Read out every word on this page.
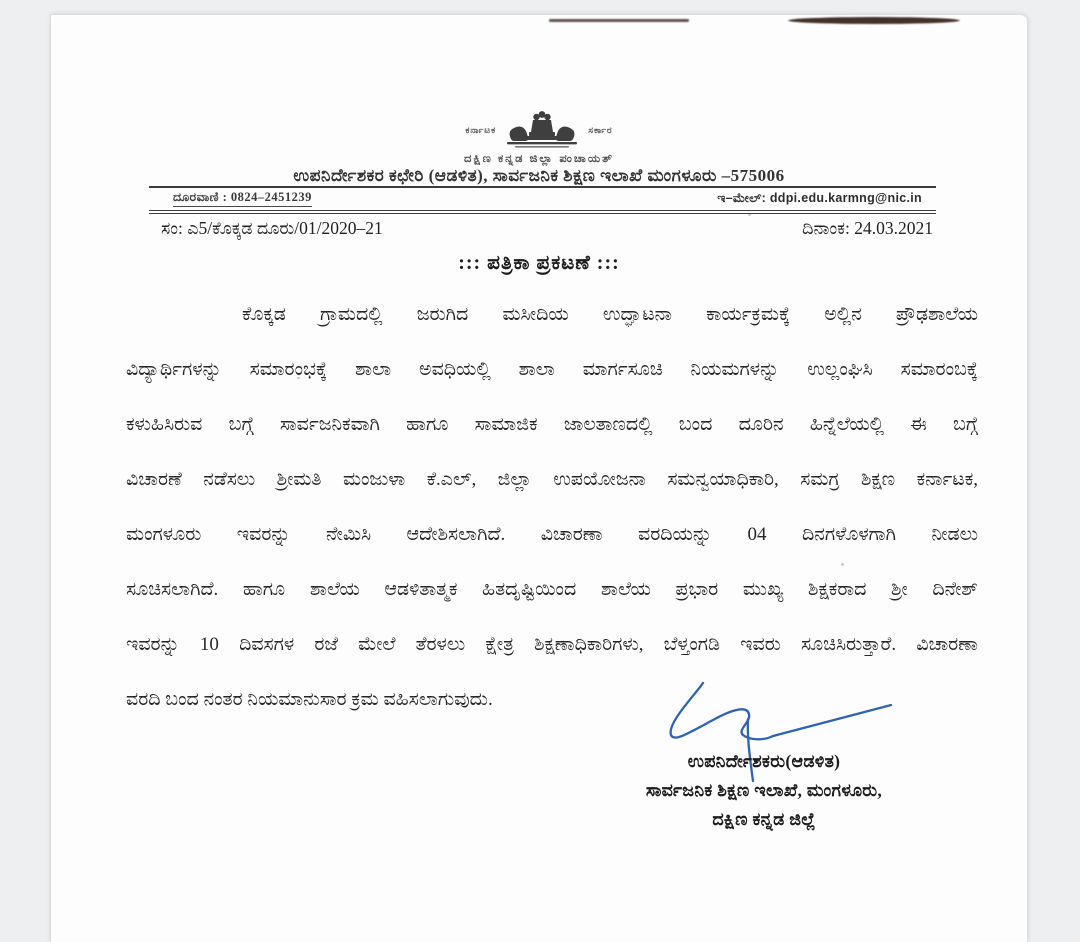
ಕರ್ನಾಟಕ	ಸರ್ಕಾರ
ದಕ್ಷಿಣ ಕನ್ನಡ ಜಿಲ್ಲಾ ಪಂಚಾಯತ್
ಉಪನಿರ್ದೇಶಕರ ಕಛೇರಿ (ಆಡಳಿತ), ಸಾರ್ವಜನಿಕ ಶಿಕ್ಷಣ ಇಲಾಖೆ ಮಂಗಳೂರು –575006
ದೂರವಾಣಿ : 0824–2451239	ಇ–ಮೇಲ್: ddpi.edu.karmng@nic.in
ಸಂ: ಎ5/ಕೊಕ್ಕಡ ದೂರು/01/2020–21	ದಿನಾಂಕ: 24.03.2021
::: ಪತ್ರಿಕಾ ಪ್ರಕಟಣೆ :::
ಕೊಕ್ಕಡ ಗ್ರಾಮದಲ್ಲಿ ಜರುಗಿದ ಮಸೀದಿಯ ಉದ್ಘಾಟನಾ ಕಾರ್ಯಕ್ರಮಕ್ಕೆ ಅಲ್ಲಿನ ಪ್ರೌಢಶಾಲೆಯ
ವಿದ್ಯಾರ್ಥಿಗಳನ್ನು ಸಮಾರಂಭಕ್ಕೆ ಶಾಲಾ ಅವಧಿಯಲ್ಲಿ ಶಾಲಾ ಮಾರ್ಗಸೂಚಿ ನಿಯಮಗಳನ್ನು ಉಲ್ಲಂಘಿಸಿ ಸಮಾರಂಬಕ್ಕೆ
ಕಳುಹಿಸಿರುವ ಬಗ್ಗೆ ಸಾರ್ವಜನಿಕವಾಗಿ ಹಾಗೂ ಸಾಮಾಜಿಕ ಜಾಲತಾಣದಲ್ಲಿ ಬಂದ ದೂರಿನ ಹಿನ್ನೆಲೆಯಲ್ಲಿ ಈ ಬಗ್ಗೆ
ವಿಚಾರಣೆ ನಡೆಸಲು ಶ್ರೀಮತಿ ಮಂಜುಳಾ ಕೆ.ಎಲ್, ಜಿಲ್ಲಾ ಉಪಯೋಜನಾ ಸಮನ್ವಯಾಧಿಕಾರಿ, ಸಮಗ್ರ ಶಿಕ್ಷಣ ಕರ್ನಾಟಕ,
ಮಂಗಳೂರು ಇವರನ್ನು ನೇಮಿಸಿ ಆದೇಶಿಸಲಾಗಿದೆ. ವಿಚಾರಣಾ ವರದಿಯನ್ನು 04 ದಿನಗಳೊಳಗಾಗಿ ನೀಡಲು
ಸೂಚಿಸಲಾಗಿದೆ. ಹಾಗೂ ಶಾಲೆಯ ಆಡಳಿತಾತ್ಮಕ ಹಿತದೃಷ್ಟಿಯಿಂದ ಶಾಲೆಯ ಪ್ರಭಾರ ಮುಖ್ಯ ಶಿಕ್ಷಕರಾದ ಶ್ರೀ ದಿನೇಶ್
ಇವರನ್ನು 10 ದಿವಸಗಳ ರಜೆ ಮೇಲೆ ತೆರಳಲು ಕ್ಷೇತ್ರ ಶಿಕ್ಷಣಾಧಿಕಾರಿಗಳು, ಬೆಳ್ತಂಗಡಿ ಇವರು ಸೂಚಿಸಿರುತ್ತಾರೆ. ವಿಚಾರಣಾ
ವರದಿ ಬಂದ ನಂತರ ನಿಯಮಾನುಸಾರ ಕ್ರಮ ವಹಿಸಲಾಗುವುದು.
ಉಪನಿರ್ದೇಶಕರು(ಆಡಳಿತ)
ಸಾರ್ವಜನಿಕ ಶಿಕ್ಷಣ ಇಲಾಖೆ, ಮಂಗಳೂರು,
ದಕ್ಷಿಣ ಕನ್ನಡ ಜಿಲ್ಲೆ
